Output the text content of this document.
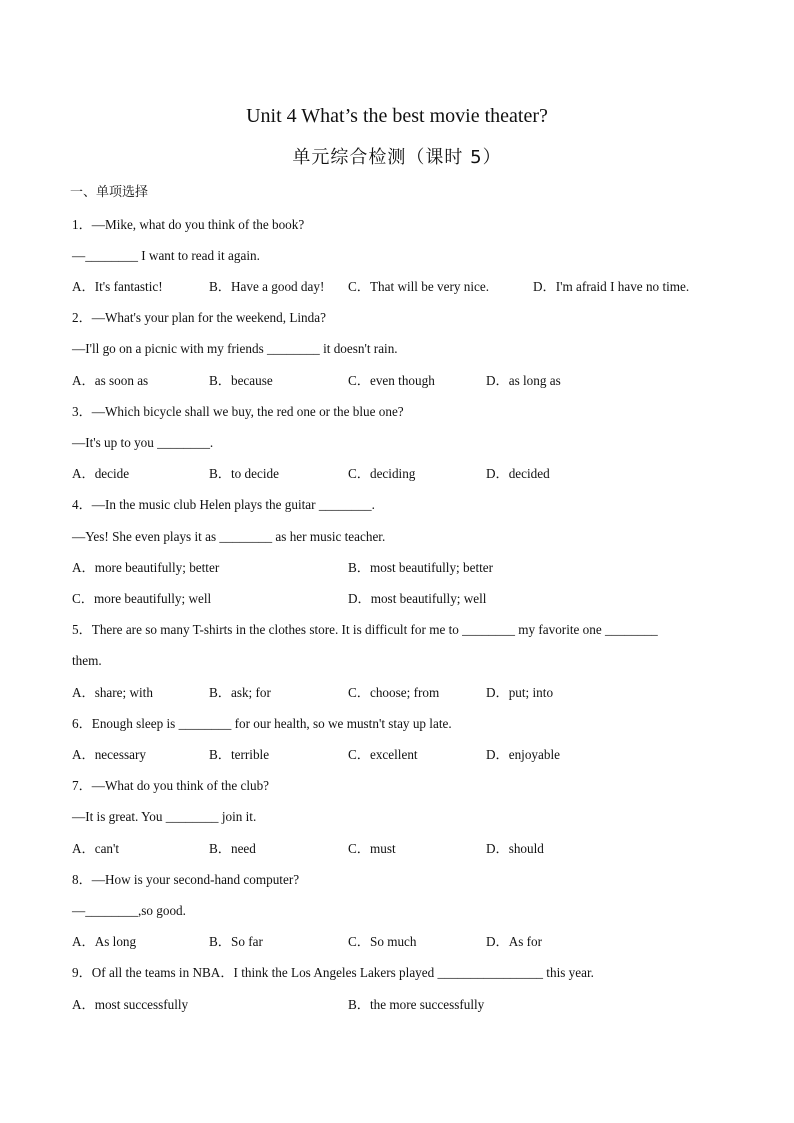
Unit 4 What’s the best movie theater?
单元综合检测（课时 5）
一、单项选择
1．—Mike, what do you think of the book?
—________ I want to read it again.
A．It's fantastic!	B．Have a good day! C．That will be very nice.	D．I'm afraid I have no time.
2．—What's your plan for the weekend, Linda?
—I'll go on a picnic with my friends ________ it doesn't rain.
A．as soon as	B．because	C．even though	D．as long as
3．—Which bicycle shall we buy, the red one or the blue one?
—It's up to you ________.
A．decide	B．to decide	C．deciding	D．decided
4．—In the music club Helen plays the guitar ________.
—Yes! She even plays it as ________ as her music teacher.
A．more beautifully; better	B．most beautifully; better
C．more beautifully; well	D．most beautifully; well
5．There are so many T-shirts in the clothes store. It is difficult for me to ________ my favorite one ________
them.
A．share; with	B．ask; for	C．choose; from	D．put; into
6．Enough sleep is ________ for our health, so we mustn't stay up late.
A．necessary	B．terrible	C．excellent	D．enjoyable
7．—What do you think of the club?
—It is great. You ________ join it.
A．can't	B．need	C．must	D．should
8．—How is your second-hand computer?
—________,so good.
A．As long	B．So far	C．So much	D．As for
9．Of all the teams in NBA．I think the Los Angeles Lakers played ________________ this year.
A．most successfully	B．the more successfully
